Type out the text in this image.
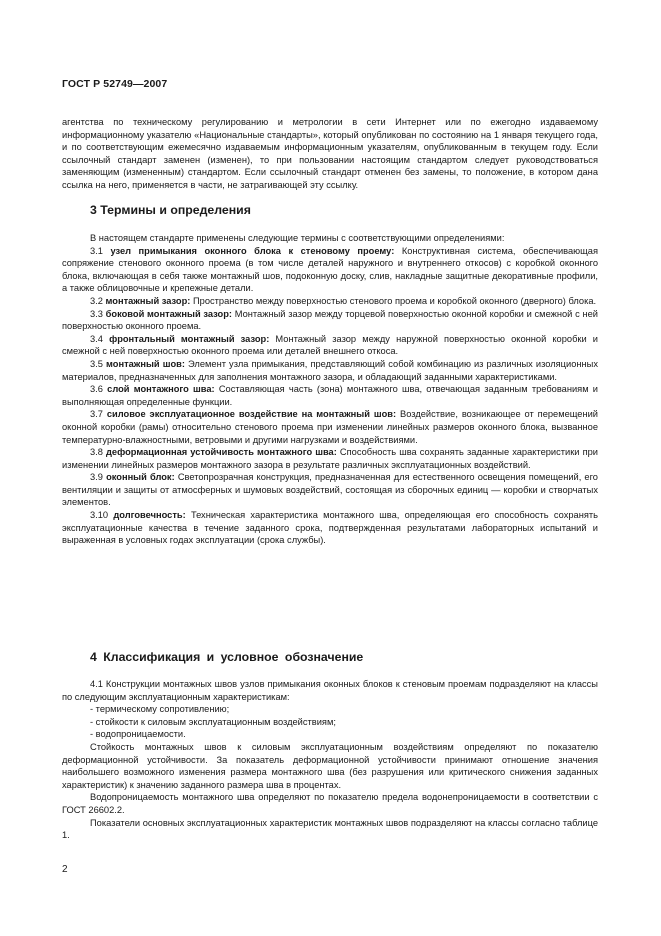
ГОСТ Р 52749—2007

агентства по техническому регулированию и метрологии в сети Интернет или по ежегодно издаваемому информационному указателю «Национальные стандарты», который опубликован по состоянию на 1 января текущего года, и по соответствующим ежемесячно издаваемым информационным указателям, опубликованным в текущем году. Если ссылочный стандарт заменен (изменен), то при пользовании настоящим стандартом следует руководствоваться заменяющим (измененным) стандартом. Если ссылочный стандарт отменен без замены, то положение, в котором дана ссылка на него, применяется в части, не затрагивающей эту ссылку.

3 Термины и определения

В настоящем стандарте применены следующие термины с соответствующими определениями:

3.1 узел примыкания оконного блока к стеновому проему: Конструктивная система, обеспечивающая сопряжение стенового оконного проема (в том числе деталей наружного и внутреннего откосов) с коробкой оконного блока, включающая в себя также монтажный шов, подоконную доску, слив, накладные защитные декоративные профили, а также облицовочные и крепежные детали.

3.2 монтажный зазор: Пространство между поверхностью стенового проема и коробкой оконного (дверного) блока.

3.3 боковой монтажный зазор: Монтажный зазор между торцевой поверхностью оконной коробки и смежной с ней поверхностью оконного проема.

3.4 фронтальный монтажный зазор: Монтажный зазор между наружной поверхностью оконной коробки и смежной с ней поверхностью оконного проема или деталей внешнего откоса.

3.5 монтажный шов: Элемент узла примыкания, представляющий собой комбинацию из различных изоляционных материалов, предназначенных для заполнения монтажного зазора, и обладающий заданными характеристиками.

3.6 слой монтажного шва: Составляющая часть (зона) монтажного шва, отвечающая заданным требованиям и выполняющая определенные функции.

3.7 силовое эксплуатационное воздействие на монтажный шов: Воздействие, возникающее от перемещений оконной коробки (рамы) относительно стенового проема при изменении линейных размеров оконного блока, вызванное температурно-влажностными, ветровыми и другими нагрузками и воздействиями.

3.8 деформационная устойчивость монтажного шва: Способность шва сохранять заданные характеристики при изменении линейных размеров монтажного зазора в результате различных эксплуатационных воздействий.

3.9 оконный блок: Светопрозрачная конструкция, предназначенная для естественного освещения помещений, его вентиляции и защиты от атмосферных и шумовых воздействий, состоящая из сборочных единиц — коробки и створчатых элементов.

3.10 долговечность: Техническая характеристика монтажного шва, определяющая его способность сохранять эксплуатационные качества в течение заданного срока, подтвержденная результатами лабораторных испытаний и выраженная в условных годах эксплуатации (срока службы).

4 Классификация и условное обозначение

4.1 Конструкции монтажных швов узлов примыкания оконных блоков к стеновым проемам подразделяют на классы по следующим эксплуатационным характеристикам:

- термическому сопротивлению;

- стойкости к силовым эксплуатационным воздействиям;

- водопроницаемости.

Стойкость монтажных швов к силовым эксплуатационным воздействиям определяют по показателю деформационной устойчивости. За показатель деформационной устойчивости принимают отношение значения наибольшего возможного изменения размера монтажного шва (без разрушения или критического снижения заданных характеристик) к значению заданного размера шва в процентах.

Водопроницаемость монтажного шва определяют по показателю предела водонепроницаемости в соответствии с ГОСТ 26602.2.

Показатели основных эксплуатационных характеристик монтажных швов подразделяют на классы согласно таблице 1.

2
